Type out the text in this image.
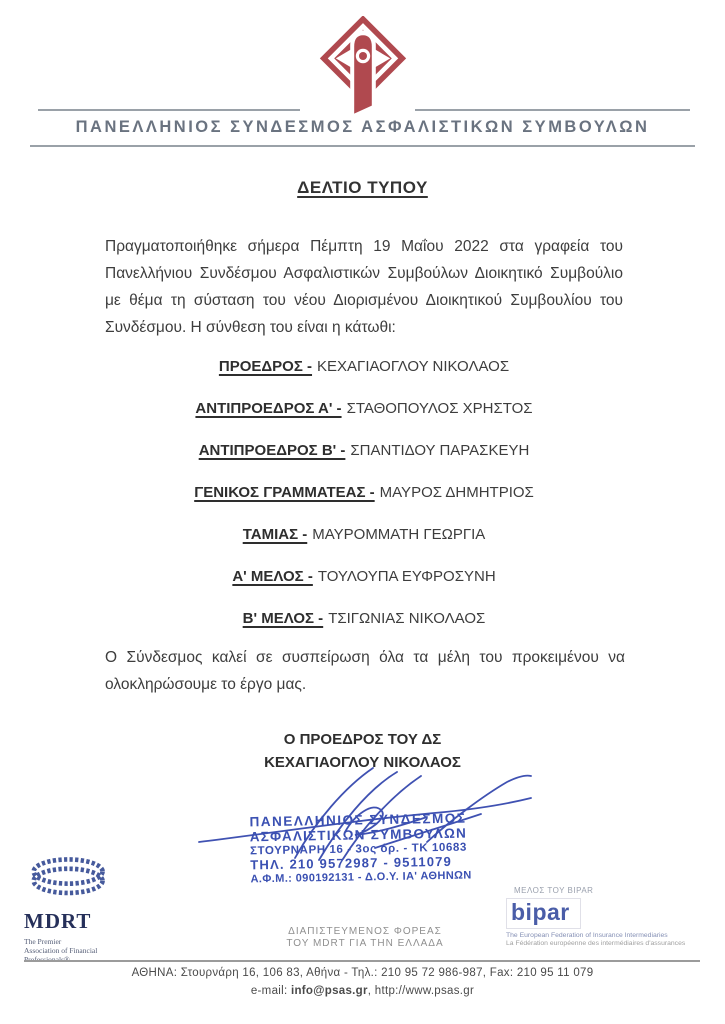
ΠΑΝΕΛΛΗΝΙΟΣ ΣΥΝΔΕΣΜΟΣ ΑΣΦΑΛΙΣΤΙΚΩΝ ΣΥΜΒΟΥΛΩΝ
ΔΕΛΤΙΟ ΤΥΠΟΥ

Πραγματοποιήθηκε σήμερα Πέμπτη 19 Μαΐου 2022 στα γραφεία του Πανελλήνιου Συνδέσμου Ασφαλιστικών Συμβούλων Διοικητικό Συμβούλιο με θέμα τη σύσταση του νέου Διορισμένου Διοικητικού Συμβουλίου του Συνδέσμου. Η σύνθεση του είναι η κάτωθι:

ΠΡΟΕΔΡΟΣ - ΚΕΧΑΓΙΑΟΓΛΟΥ ΝΙΚΟΛΑΟΣ
ΑΝΤΙΠΡΟΕΔΡΟΣ Α' - ΣΤΑΘΟΠΟΥΛΟΣ ΧΡΗΣΤΟΣ
ΑΝΤΙΠΡΟΕΔΡΟΣ Β' - ΣΠΑΝΤΙΔΟΥ ΠΑΡΑΣΚΕΥΗ
ΓΕΝΙΚΟΣ ΓΡΑΜΜΑΤΕΑΣ - ΜΑΥΡΟΣ ΔΗΜΗΤΡΙΟΣ
ΤΑΜΙΑΣ - ΜΑΥΡΟΜΜΑΤΗ ΓΕΩΡΓΙΑ
Α' ΜΕΛΟΣ - ΤΟΥΛΟΥΠΑ ΕΥΦΡΟΣΥΝΗ
Β' ΜΕΛΟΣ - ΤΣΙΓΩΝΙΑΣ ΝΙΚΟΛΑΟΣ

Ο Σύνδεσμος καλεί σε συσπείρωση όλα τα μέλη του προκειμένου να ολοκληρώσουμε το έργο μας.

Ο ΠΡΟΕΔΡΟΣ ΤΟΥ ΔΣ
ΚΕΧΑΓΙΑΟΓΛΟΥ ΝΙΚΟΛΑΟΣ
ΠΑΝΕΛΛΗΝΙΟΣ ΣΥΝΔΕΣΜΟΣ
ΑΣΦΑΛΙΣΤΙΚΩΝ ΣΥΜΒΟΥΛΩΝ
ΣΤΟΥΡΝΑΡΗ 16 - 3ος όρ. - ΤΚ 10683
ΤΗΛ. 210 9572987 - 9511079
Α.Φ.Μ.: 090192131 - Δ.Ο.Υ. ΙΑ' ΑΘΗΝΩΝ
MDRT
The Premier
Association of Financial
ΔΙΑΠΙΣΤΕΥΜΕΝΟΣ ΦΟΡΕΑΣ
ΤΟΥ MDRT ΓΙΑ ΤΗΝ ΕΛΛΑΔΑ
ΜΕΛΟΣ ΤΟΥ BIPAR
bipar
The European Federation of Insurance Intermediaries
La Fédération européenne des intermédiaires d'assurances
ΑΘΗΝΑ: Στουρνάρη 16, 106 83, Αθήνα - Τηλ.: 210 95 72 986-987, Fax: 210 95 11 079
e-mail: info@psas.gr, http://www.psas.gr
